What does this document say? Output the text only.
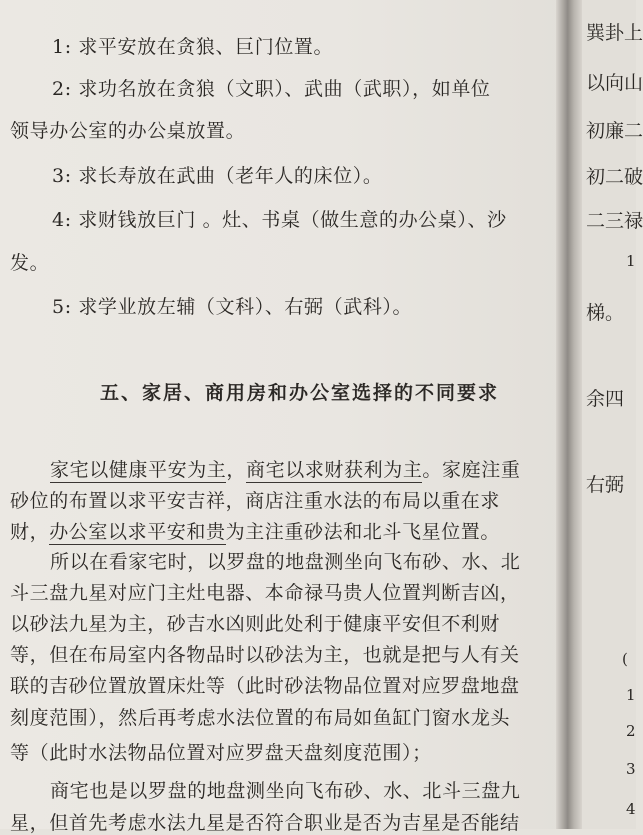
1: 求平安放在贪狼、巨门位置。
2: 求功名放在贪狼（文职）、武曲（武职），如单位
领导办公室的办公桌放置。
3: 求长寿放在武曲（老年人的床位）。
4: 求财钱放巨门 。灶、书桌（做生意的办公桌）、沙
发。
5: 求学业放左辅（文科）、右弼（武科）。
五、家居、商用房和办公室选择的不同要求
家宅以健康平安为主，商宅以求财获利为主。家庭注重
砂位的布置以求平安吉祥，商店注重水法的布局以重在求
财，办公室以求平安和贵为主注重砂法和北斗飞星位置。
所以在看家宅时，以罗盘的地盘测坐向飞布砂、水、北
斗三盘九星对应门主灶电器、本命禄马贵人位置判断吉凶，
以砂法九星为主，砂吉水凶则此处利于健康平安但不利财
等，但在布局室内各物品时以砂法为主，也就是把与人有关
联的吉砂位置放置床灶等（此时砂法物品位置对应罗盘地盘
刻度范围），然后再考虑水法位置的布局如鱼缸门窗水龙头
等（此时水法物品位置对应罗盘天盘刻度范围）；
商宅也是以罗盘的地盘测坐向飞布砂、水、北斗三盘九
星，但首先考虑水法九星是否符合职业是否为吉星是否能结
巽卦上
以向山
初廉二
初二破
二三禄
1
梯。
余四
右弼
(
1
2
3
4
